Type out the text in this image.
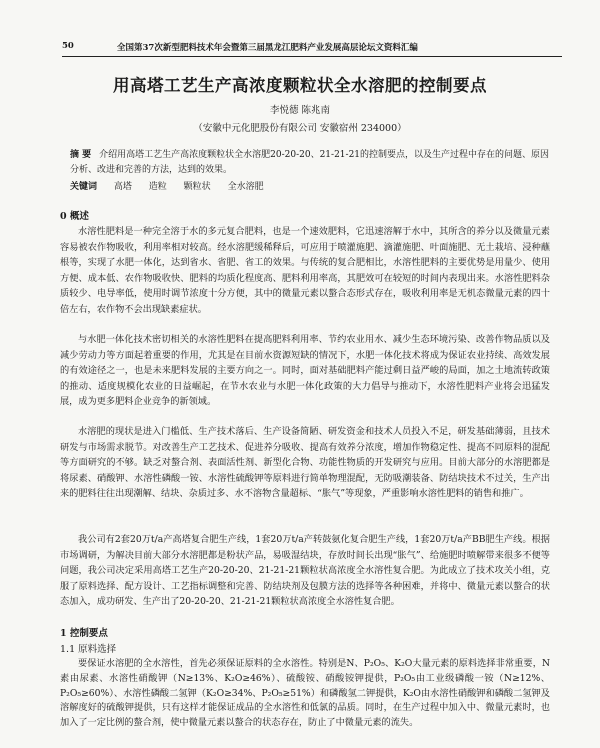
50	全国第37次新型肥料技术年会暨第三届黑龙江肥料产业发展高层论坛文资料汇编
用高塔工艺生产高浓度颗粒状全水溶肥的控制要点
李悦德 陈兆南
（安徽中元化肥股份有限公司 安徽宿州 234000）
摘 要 介绍用高塔工艺生产高浓度颗粒状全水溶肥20-20-20、21-21-21的控制要点，以及生产过程中存在的问题、原因分析、改进和完善的方法，达到的效果。
关键词 高塔 造粒 颗粒状 全水溶肥
0 概述

水溶性肥料是一种完全溶于水的多元复合肥料，也是一个速效肥料，它迅速溶解于水中，其所含的养分以及微量元素容易被农作物吸收，利用率相对较高。经水溶肥缓稀释后，可应用于喷灌施肥、滴灌施肥、叶面施肥、无土栽培、浸种蘸根等，实现了水肥一体化，达到省水、省肥、省工的效果。与传统的复合肥相比，水溶性肥料的主要优势是用量少、使用方便、成本低、农作物吸收快、肥料的均质化程度高、肥料利用率高，其肥效可在较短的时间内表现出来。水溶性肥料杂质较少、电导率低，使用时调节浓度十分方便，其中的微量元素以螯合态形式存在，吸收利用率是无机态微量元素的四十倍左右，农作物不会出现缺素症状。

与水肥一体化技术密切相关的水溶性肥料在提高肥料利用率、节约农业用水、减少生态环境污染、改善作物品质以及减少劳动力等方面起着重要的作用，尤其是在目前水资源短缺的情况下，水肥一体化技术将成为保证农业持续、高效发展的有效途径之一，也是未来肥料发展的主要方向之一。同时，面对基础肥料产能过剩日益严峻的局面，加之土地流转政策的推动、适度规模化农业的日益崛起，在节水农业与水肥一体化政策的大力倡导与推动下，水溶性肥料产业将会迅猛发展，成为更多肥料企业竞争的新领域。

水溶肥的现状是进入门槛低、生产技术落后、生产设备简陋、研发资金和技术人员投入不足，研发基础薄弱，且技术研发与市场需求脱节。对改善生产工艺技术、促进养分吸收、提高有效养分浓度，增加作物稳定性、提高不同原料的混配等方面研究的不够。缺乏对螯合剂、表面活性剂、新型化合物、功能性物质的开发研究与应用。目前大部分的水溶肥都是将尿素、硝酸钾、水溶性磷酸一铵、水溶性硫酸钾等原料进行简单物理混配，无防吸潮装备、防结块技术不过关，生产出来的肥料往往出现潮解、结块、杂质过多、水不溶物含量超标、“胀气”等现象，严重影响水溶性肥料的销售和推广。

我公司有2套20万t/a产高塔复合肥生产线，1套20万t/a产转鼓氨化复合肥生产线，1套20万t/a产BB肥生产线。根据市场调研，为解决目前大部分水溶肥都是粉状产品，易吸湿结块，存放时间长出现“胀气”、给施肥时喷解带来很多不便等问题，我公司决定采用高塔工艺生产20-20-20、21-21-21颗粒状高浓度全水溶性复合肥。为此成立了技术攻关小组，克服了原料选择、配方设计、工艺指标调整和完善、防结块剂及包膜方法的选择等各种困难，并将中、微量元素以螯合的状态加入，成功研发、生产出了20-20-20、21-21-21颗粒状高浓度全水溶性复合肥。

1 控制要点
1.1 原料选择

要保证水溶肥的全水溶性，首先必须保证原料的全水溶性。特别是N、P₂O₅、K₂O大量元素的原料选择非常重要，N素由尿素、水溶性硝酸钾（N≥13%、K₂O≥46%）、硫酸铵、硝酸铵钾提供，P₂O₅由工业级磷酸一铵（N≥12%、P₂O₅≥60%）、水溶性磷酸二氢钾（K₂O≥34%、P₂O₅≥51%）和磷酸氢二钾提供，K₂O由水溶性硝酸钾和磷酸二氢钾及溶解度好的硫酸钾提供，只有这样才能保证成品的全水溶性和低氯的品质。同时，在生产过程中加入中、微量元素时，也加入了一定比例的螯合剂，使中微量元素以螯合的状态存在，防止了中微量元素的流失。
